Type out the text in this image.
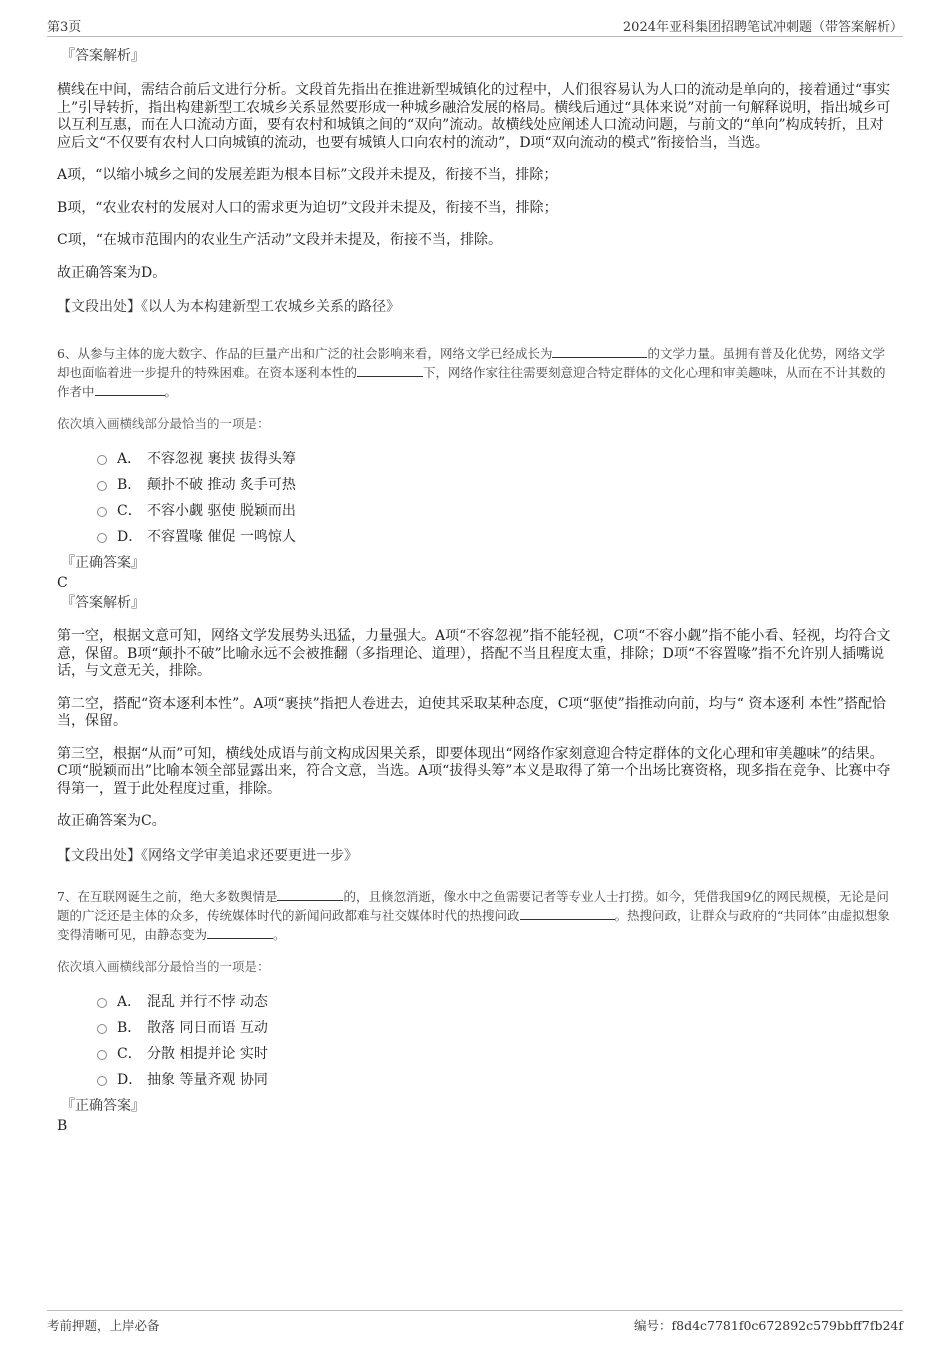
第3页	2024年亚科集团招聘笔试冲刺题（带答案解析）
『答案解析』
横线在中间，需结合前后文进行分析。文段首先指出在推进新型城镇化的过程中，人们很容易认为人口的流动是单向的，接着通过“事实上”引导转折，指出构建新型工农城乡关系显然要形成一种城乡融洽发展的格局。横线后通过“具体来说”对前一句解释说明，指出城乡可以互利互惠，而在人口流动方面，要有农村和城镇之间的“双向”流动。故横线处应阐述人口流动问题，与前文的“单向”构成转折，且对应后文“不仅要有农村人口向城镇的流动，也要有城镇人口向农村的流动”，D项“双向流动的模式”衔接恰当，当选。
A项，“以缩小城乡之间的发展差距为根本目标”文段并未提及，衔接不当，排除；
B项，“农业农村的发展对人口的需求更为迫切”文段并未提及，衔接不当，排除；
C项，“在城市范围内的农业生产活动”文段并未提及，衔接不当，排除。
故正确答案为D。
【文段出处】《以人为本构建新型工农城乡关系的路径》
6、从参与主体的庞大数字、作品的巨量产出和广泛的社会影响来看，网络文学已经成长为	的文学力量。虽拥有普及化优势，网络文学却也面临着进一步提升的特殊困难。在资本逐利本性的	下，网络作家往往需要刻意迎合特定群体的文化心理和审美趣味，从而在不计其数的作者中	。
依次填入画横线部分最恰当的一项是：
A． 不容忽视 裹挟 拔得头筹
B． 颠扑不破 推动 炙手可热
C． 不容小觑 驱使 脱颖而出
D． 不容置喙 催促 一鸣惊人
『正确答案』
C
『答案解析』
第一空，根据文意可知，网络文学发展势头迅猛，力量强大。A项“不容忽视”指不能轻视，C项“不容小觑”指不能小看、轻视，均符合文意，保留。B项“颠扑不破”比喻永远不会被推翻（多指理论、道理），搭配不当且程度太重，排除；D项“不容置喙”指不允许别人插嘴说话，与文意无关，排除。
第二空，搭配“资本逐利本性”。A项“裹挟”指把人卷进去，迫使其采取某种态度，C项“驱使”指推动向前，均与“ 资本逐利 本性”搭配恰当，保留。
第三空，根据“从而”可知，横线处成语与前文构成因果关系，即要体现出“网络作家刻意迎合特定群体的文化心理和审美趣味”的结果。C项“脱颖而出”比喻本领全部显露出来，符合文意，当选。A项“拔得头筹”本义是取得了第一个出场比赛资格，现多指在竞争、比赛中夺得第一，置于此处程度过重，排除。
故正确答案为C。
【文段出处】《网络文学审美追求还要更进一步》
7、在互联网诞生之前，绝大多数舆情是	的，且倏忽消逝，像水中之鱼需要记者等专业人士打捞。如今，凭借我国9亿的网民规模，无论是问题的广泛还是主体的众多，传统媒体时代的新闻问政都难与社交媒体时代的热搜问政	。热搜问政，让群众与政府的“共同体”由虚拟想象变得清晰可见，由静态变为	。
依次填入画横线部分最恰当的一项是：
A． 混乱 并行不悖 动态
B． 散落 同日而语 互动
C． 分散 相提并论 实时
D． 抽象 等量齐观 协同
『正确答案』
B
考前押题，上岸必备	编号：f8d4c7781f0c672892c579bbff7fb24f
